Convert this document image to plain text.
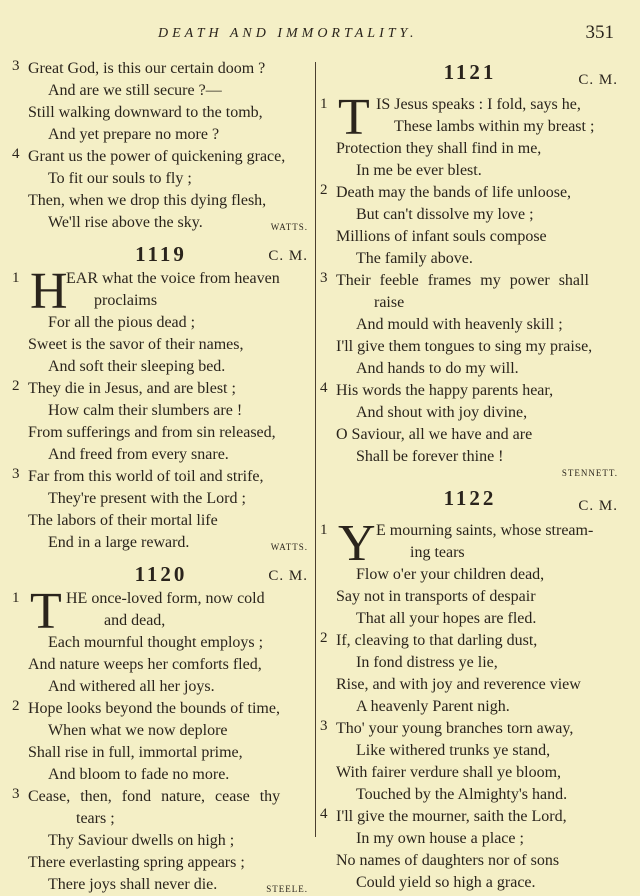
DEATH AND IMMORTALITY.	351
3 Great God, is this our certain doom ?
And are we still secure ?—
Still walking downward to the tomb,
And yet prepare no more ?
4 Grant us the power of quickening grace,
To fit our souls to fly ;
Then, when we drop this dying flesh,
We'll rise above the sky.	WATTS.
1119	C. M.
1 H
EAR what the voice from heaven
proclaims
For all the pious dead ;
Sweet is the savor of their names,
And soft their sleeping bed.
2 They die in Jesus, and are blest ;
How calm their slumbers are !
From sufferings and from sin released,
And freed from every snare.
3 Far from this world of toil and strife,
They're present with the Lord ;
The labors of their mortal life
End in a large reward.	WATTS.
1120	C. M.
1 T HE once-loved form, now cold
and dead,
Each mournful thought employs ;
And nature weeps her comforts fled,
And withered all her joys.
2 Hope looks beyond the bounds of time,
When what we now deplore
Shall rise in full, immortal prime,
And bloom to fade no more.
3 Cease, then, fond nature, cease thy
tears ;
Thy Saviour dwells on high ;
There everlasting spring appears ;
There joys shall never die.	STEELE.
1121	C. M.
1 T IS Jesus speaks : I fold, says he,
These lambs within my breast ;
Protection they shall find in me,
In me be ever blest.
2 Death may the bands of life unloose,
But can't dissolve my love ;
Millions of infant souls compose
The family above.
3 Their feeble frames my power shall
raise
And mould with heavenly skill ;
I'll give them tongues to sing my praise,
And hands to do my will.
4 His words the happy parents hear,
And shout with joy divine,
O Saviour, all we have and are
Shall be forever thine !
STENNETT.
1122	C. M.
1 Y E mourning saints, whose stream-
ing tears
Flow o'er your children dead,
Say not in transports of despair
That all your hopes are fled.
2 If, cleaving to that darling dust,
In fond distress ye lie,
Rise, and with joy and reverence view
A heavenly Parent nigh.
3 Tho' your young branches torn away,
Like withered trunks ye stand,
With fairer verdure shall ye bloom,
Touched by the Almighty's hand.
4 I'll give the mourner, saith the Lord,
In my own house a place ;
No names of daughters nor of sons
Could yield so high a grace.
